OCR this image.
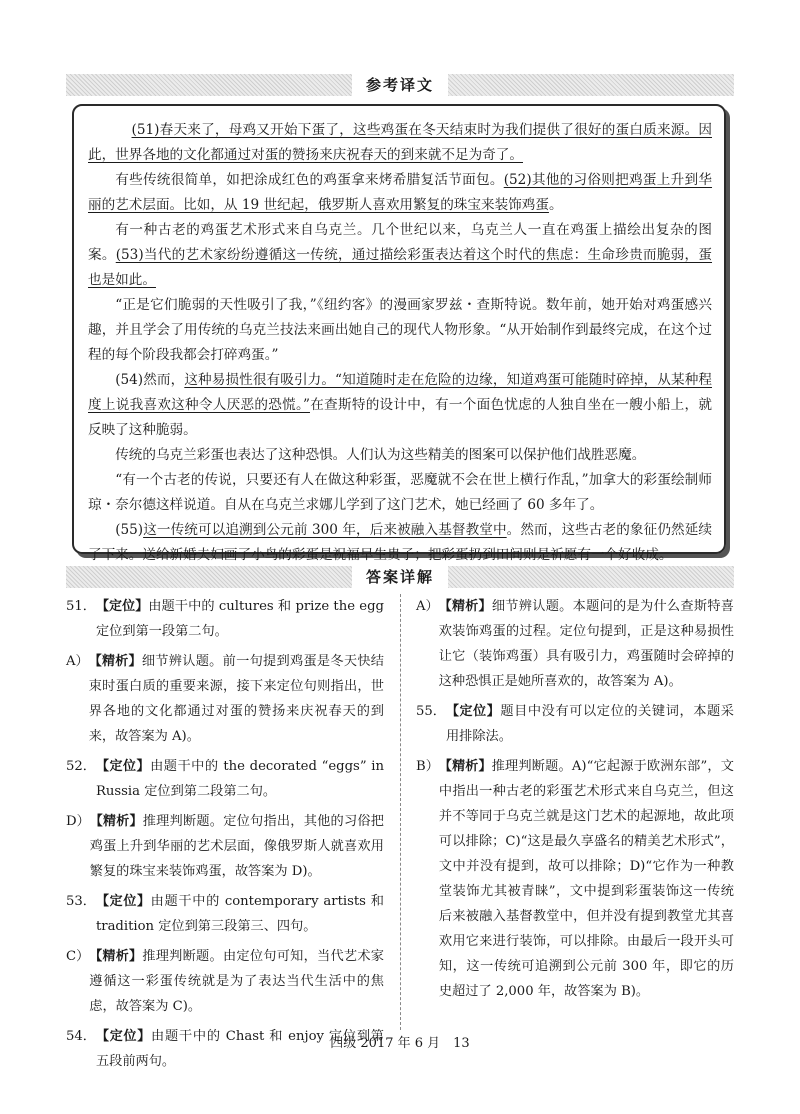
参考译文

(51)春天来了，母鸡又开始下蛋了，这些鸡蛋在冬天结束时为我们提供了很好的蛋白质来源。因此，世界各地的文化都通过对蛋的赞扬来庆祝春天的到来就不足为奇了。

有些传统很简单，如把涂成红色的鸡蛋拿来烤希腊复活节面包。(52)其他的习俗则把鸡蛋上升到华丽的艺术层面。比如，从 19 世纪起，俄罗斯人喜欢用繁复的珠宝来装饰鸡蛋。

有一种古老的鸡蛋艺术形式来自乌克兰。几个世纪以来，乌克兰人一直在鸡蛋上描绘出复杂的图案。(53)当代的艺术家纷纷遵循这一传统，通过描绘彩蛋表达着这个时代的焦虑：生命珍贵而脆弱，蛋也是如此。

“正是它们脆弱的天性吸引了我，”《纽约客》的漫画家罗兹・查斯特说。数年前，她开始对鸡蛋感兴趣，并且学会了用传统的乌克兰技法来画出她自己的现代人物形象。“从开始制作到最终完成，在这个过程的每个阶段我都会打碎鸡蛋。”

(54)然而，这种易损性很有吸引力。“知道随时走在危险的边缘，知道鸡蛋可能随时碎掉，从某种程度上说我喜欢这种令人厌恶的恐慌。”在查斯特的设计中，有一个面色忧虑的人独自坐在一艘小船上，就反映了这种脆弱。

传统的乌克兰彩蛋也表达了这种恐惧。人们认为这些精美的图案可以保护他们战胜恶魔。

“有一个古老的传说，只要还有人在做这种彩蛋，恶魔就不会在世上横行作乱，”加拿大的彩蛋绘制师琼・奈尔德这样说道。自从在乌克兰求娜儿学到了这门艺术，她已经画了 60 多年了。

(55)这一传统可以追溯到公元前 300 年，后来被融入基督教堂中。然而，这些古老的象征仍然延续了下来。送给新婚夫妇画了小鸟的彩蛋是祝福早生贵子；把彩蛋扔到田间则是祈愿有一个好收成。

答案详解
51． 【定位】由题干中的 cultures 和 prize the egg 定位到第一段第二句。
A） 【精析】细节辨认题。前一句提到鸡蛋是冬天快结束时蛋白质的重要来源，接下来定位句则指出，世界各地的文化都通过对蛋的赞扬来庆祝春天的到来，故答案为 A)。
52． 【定位】由题干中的 the decorated “eggs” in Russia 定位到第二段第二句。
D） 【精析】推理判断题。定位句指出，其他的习俗把鸡蛋上升到华丽的艺术层面，像俄罗斯人就喜欢用繁复的珠宝来装饰鸡蛋，故答案为 D)。
53． 【定位】由题干中的 contemporary artists 和 tradition 定位到第三段第三、四句。
C） 【精析】推理判断题。由定位句可知，当代艺术家遵循这一彩蛋传统就是为了表达当代生活中的焦虑，故答案为 C)。
54． 【定位】由题干中的 Chast 和 enjoy 定位到第五段前两句。
A） 【精析】细节辨认题。本题问的是为什么查斯特喜欢装饰鸡蛋的过程。定位句提到，正是这种易损性让它（装饰鸡蛋）具有吸引力，鸡蛋随时会碎掉的这种恐惧正是她所喜欢的，故答案为 A)。
55． 【定位】题目中没有可以定位的关键词，本题采用排除法。
B） 【精析】推理判断题。A)“它起源于欧洲东部”，文中指出一种古老的彩蛋艺术形式来自乌克兰，但这并不等同于乌克兰就是这门艺术的起源地，故此项可以排除；C)“这是最久享盛名的精美艺术形式”，文中并没有提到，故可以排除；D)“它作为一种教堂装饰尤其被青睐”，文中提到彩蛋装饰这一传统后来被融入基督教堂中，但并没有提到教堂尤其喜欢用它来进行装饰，可以排除。由最后一段开头可知，这一传统可追溯到公元前 300 年，即它的历史超过了 2,000 年，故答案为 B)。
四级 2017 年 6 月　13
